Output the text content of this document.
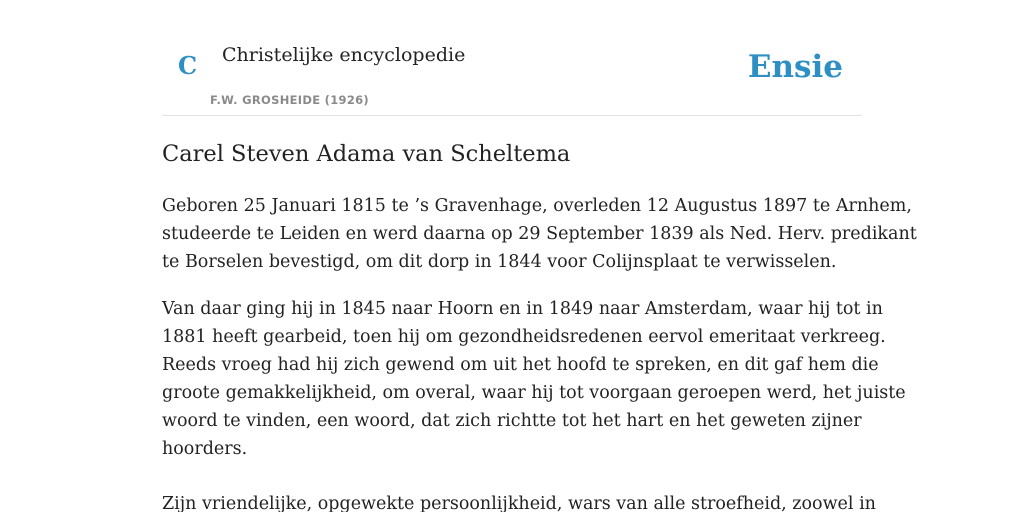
C Christelijke encyclopedie
F.W. GROSHEIDE (1926)
Ensie
Carel Steven Adama van Scheltema

Geboren 25 Januari 1815 te ’s Gravenhage, overleden 12 Augustus 1897 te Arnhem,
studeerde te Leiden en werd daarna op 29 September 1839 als Ned. Herv. predikant
te Borselen bevestigd, om dit dorp in 1844 voor Colijnsplaat te verwisselen.

Van daar ging hij in 1845 naar Hoorn en in 1849 naar Amsterdam, waar hij tot in
1881 heeft gearbeid, toen hij om gezondheidsredenen eervol emeritaat verkreeg.
Reeds vroeg had hij zich gewend om uit het hoofd te spreken, en dit gaf hem die
groote gemakkelijkheid, om overal, waar hij tot voorgaan geroepen werd, het juiste
woord te vinden, een woord, dat zich richtte tot het hart en het geweten zijner
hoorders.

Zijn vriendelijke, opgewekte persoonlijkheid, wars van alle stroefheid, zoowel in
